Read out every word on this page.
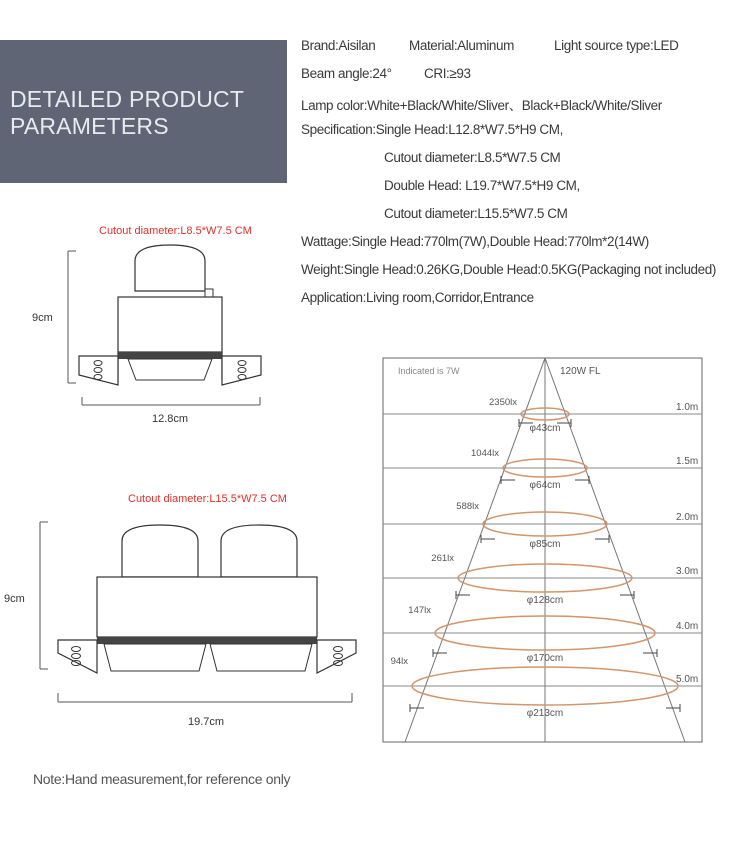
DETAILED PRODUCT
PARAMETERS
Brand:Aisilan Material:Aluminum	Light source type:LED
Beam angle:24° CRI:≥93
Lamp color:White+Black/White/Sliver、Black+Black/White/Sliver
Specification:Single Head:L12.8*W7.5*H9 CM,
Cutout diameter:L8.5*W7.5 CM
Double Head: L19.7*W7.5*H9 CM,
Cutout diameter:L15.5*W7.5 CM
Wattage:Single Head:770lm(7W),Double Head:770lm*2(14W)
Weight:Single Head:0.26KG,Double Head:0.5KG(Packaging not included)
Application:Living room,Corridor,Entrance
Cutout diameter:L8.5*W7.5 CM
9cm
12.8cm
Cutout diameter:L15.5*W7.5 CM
9cm
19.7cm
Indicated is 7W	120W FL
1.0m
2350lx
φ43cm
1.5m
1044lx
φ64cm
2.0m
588lx
φ85cm
3.0m
261lx
φ128cm
4.0m
147lx
φ170cm
5.0m
94lx
φ213cm
Note:Hand measurement,for reference only
